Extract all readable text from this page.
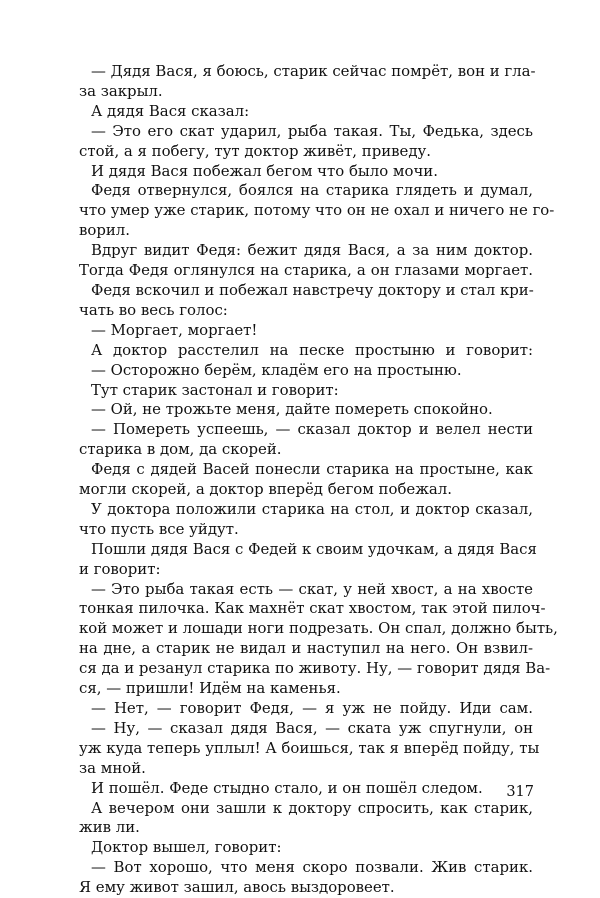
— Дядя Вася, я боюсь, старик сейчас помрёт, вон и гла-
за закрыл.
А дядя Вася сказал:
— Это его скат ударил, рыба такая. Ты, Федька, здесь
стой, а я побегу, тут доктор живёт, приведу.
И дядя Вася побежал бегом что было мочи.
Федя отвернулся, боялся на старика глядеть и думал,
что умер уже старик, потому что он не охал и ничего не го-
ворил.
Вдруг видит Федя: бежит дядя Вася, а за ним доктор.
Тогда Федя оглянулся на старика, а он глазами моргает.
Федя вскочил и побежал навстречу доктору и стал кри-
чать во весь голос:
— Моргает, моргает!
А доктор расстелил на песке простыню и говорит:
— Осторожно берём, кладём его на простыню.
Тут старик застонал и говорит:
— Ой, не трожьте меня, дайте помереть спокойно.
— Помереть успеешь, — сказал доктор и велел нести
старика в дом, да скорей.
Федя с дядей Васей понесли старика на простыне, как
могли скорей, а доктор вперёд бегом побежал.
У доктора положили старика на стол, и доктор сказал,
что пусть все уйдут.
Пошли дядя Вася с Федей к своим удочкам, а дядя Вася
и говорит:
— Это рыба такая есть — скат, у ней хвост, а на хвосте
тонкая пилочка. Как махнёт скат хвостом, так этой пилоч-
кой может и лошади ноги подрезать. Он спал, должно быть,
на дне, а старик не видал и наступил на него. Он взвил-
ся да и резанул старика по животу. Ну, — говорит дядя Ва-
ся, — пришли! Идём на каменья.
— Нет, — говорит Федя, — я уж не пойду. Иди сам.
— Ну, — сказал дядя Вася, — ската уж спугнули, он
уж куда теперь уплыл! А боишься, так я вперёд пойду, ты
за мной.
И пошёл. Феде стыдно стало, и он пошёл следом.
А вечером они зашли к доктору спросить, как старик,
жив ли.
Доктор вышел, говорит:
— Вот хорошо, что меня скоро позвали. Жив старик.
Я ему живот зашил, авось выздоровеет.
317
